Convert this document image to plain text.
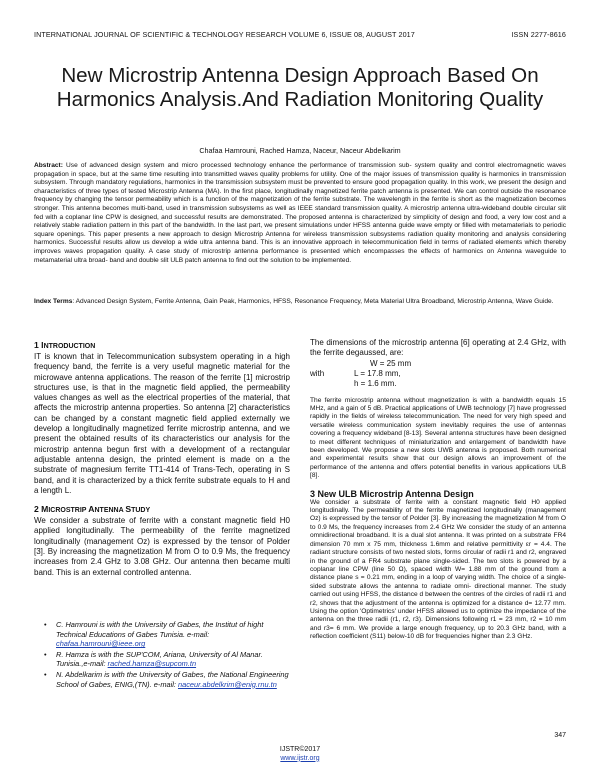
INTERNATIONAL JOURNAL OF SCIENTIFIC & TECHNOLOGY RESEARCH VOLUME 6, ISSUE 08, AUGUST 2017	ISSN 2277-8616
New Microstrip Antenna Design Approach Based On Harmonics Analysis.And Radiation Monitoring Quality
Chafaa Hamrouni, Rached Hamza, Naceur, Naceur Abdelkarim

Abstract: Use of advanced design system and micro processed technology enhance the performance of transmission sub- system quality and control electromagnetic waves propagation in space, but at the same time resulting into transmitted waves quality problems for utility. One of the major issues of transmission quality is harmonics in transmission subsystem. Through mandatory regulations, harmonics in the transmission subsystem must be prevented to ensure good propagation quality. In this work, we present the design and characteristics of three types of tested Microstrip Antenna (MA). In the first place, longitudinally magnetized ferrite patch antenna is presented. We can control outside the resonance frequency by changing the tensor permeability which is a function of the magnetization of the ferrite substrate. The wavelength in the ferrite is short as the magnetization becomes stronger. This antenna becomes multi-band, used in transmission subsystems as well as IEEE standard transmission quality. A microstrip antenna ultra-wideband double circular slit fed with a coplanar line CPW is designed, and successful results are demonstrated. The proposed antenna is characterized by simplicity of design and food, a very low cost and a relatively stable radiation pattern in this part of the bandwidth. In the last part, we present simulations under HFSS antenna guide wave empty or filled with metamaterials to periodic square openings. This paper presents a new approach to design Microstrip Antenna for wireless transmission subsystems radiation quality monitoring and analysis considering harmonics. Successful results allow us develop a wide ultra antenna band. This is an innovative approach in telecommunication field in terms of radiated elements which thereby improves waves propagation quality. A case study of microstrip antenna performance is presented which encompasses the effects of harmonics on Antenna waveguide to metamaterial ultra broad- band and double slit ULB patch antenna to find out the solution to be implemented.

Index Terms: Advanced Design System, Ferrite Antenna, Gain Peak, Harmonics, HFSS, Resonance Frequency, Meta Material Ultra Broadband, Microstrip Antenna, Wave Guide.

1 INTRODUCTION

IT is known that in Telecommunication subsystem operating in a high frequency band, the ferrite is a very useful magnetic material for the microwave antenna applications. The reason of the ferrite [1] microstrip structures use, is that in the magnetic field applied, the permeability values changes as well as the electrical properties of the material, that affects the microstrip antenna properties. So antenna [2] characteristics can be changed by a constant magnetic field applied externally we develop a longitudinally magnetized ferrite microstrip antenna, and we present the obtained results of its characteristics our analysis for the microstrip antenna begun first with a development of a rectangular adjustable antenna design, the printed element is made on a the substrate of magnesium ferrite TT1-414 of Trans-Tech, operating in S band, and it is characterized by a thick ferrite substrate equals to H and a length L.

2 MICROSTRIP ANTENNA STUDY

We consider a substrate of ferrite with a constant magnetic field H0 applied longitudinally. The permeability of the ferrite magnetized longitudinally (management Oz) is expressed by the tensor of Polder [3]. By increasing the magnetization M from O to 0.9 Ms, the frequency increases from 2.4 GHz to 3.08 GHz. Our antenna then became multi band. This is an external controlled antenna.

• C. Hamrouni is with the University of Gabes, the Institut of hight Technical Educations of Gabes Tunisia. e-mail: chafaa.hamrouni@ieee.org
• R. Hamza is with the SUP'COM, Ariana, University of Al Manar. Tunisia.,e-mail: rached.hamza@supcom.tn
• N. Abdelkarim is with the University of Gabes, the National Engineering School of Gabes, ENIG,(TN). e-mail: naceur.abdelkrim@enig.rnu.tn

The dimensions of the microstrip antenna [6] operating at 2.4 GHz, with the ferrite degaussed, are:

W = 25 mm
with	L = 17.8 mm,
h = 1.6 mm.

The ferrite microstrip antenna without magnetization is with a bandwidth equals 15 MHz, and a gain of 5 dB. Practical applications of UWB technology [7] have progressed rapidly in the fields of wireless telecommunication. The need for very high speed and versatile wireless communication system inevitably requires the use of antennas covering a frequency wideband [8-13]. Several antenna structures have been designed to meet different techniques of miniaturization and enlargement of bandwidth have been developed. We propose a new slots UWB antenna is proposed. Both numerical and experimental results show that our design allows an improvement of the performance of the antenna and offers potential benefits in various applications ULB [8].

3 New ULB Microstrip Antenna Design

We consider a substrate of ferrite with a constant magnetic field H0 applied longitudinally. The permeability of the ferrite magnetized longitudinally (management Oz) is expressed by the tensor of Polder [3]. By increasing the magnetization M from O to 0.9 Ms, the frequency increases from 2.4 GHz We consider the study of an antenna omnidirectional broadband. It is a dual slot antenna. It was printed on a substrate FR4 dimension 70 mm x 75 mm, thickness 1.6mm and relative permittivity εr = 4.4. The radiant structure consists of two nested slots, forms circular of radii r1 and r2, engraved in the ground of a FR4 substrate plane single-sided. The two slots is powered by a coplanar line CPW (line 50 Ω), spaced width W= 1.88 mm of the ground from a distance plane s = 0.21 mm, ending in a loop of varying width. The choice of a single-sided substrate allows the antenna to radiate omni- directional manner. The study carried out using HFSS, the distance d between the centres of the circles of radii r1 and r2, shows that the adjustment of the antenna is optimized for a distance d= 12.77 mm. Using the option 'Optimetrics' under HFSS allowed us to optimize the impedance of the antenna on the three radii (r1, r2, r3). Dimensions following r1 = 23 mm, r2 = 10 mm and r3= 6 mm. We provide a large enough frequency, up to 20.3 GHz band, with a reflection coefficient (S11) below-10 dB for frequencies higher than 2.3 GHz.

347
IJSTR©2017
www.ijstr.org
